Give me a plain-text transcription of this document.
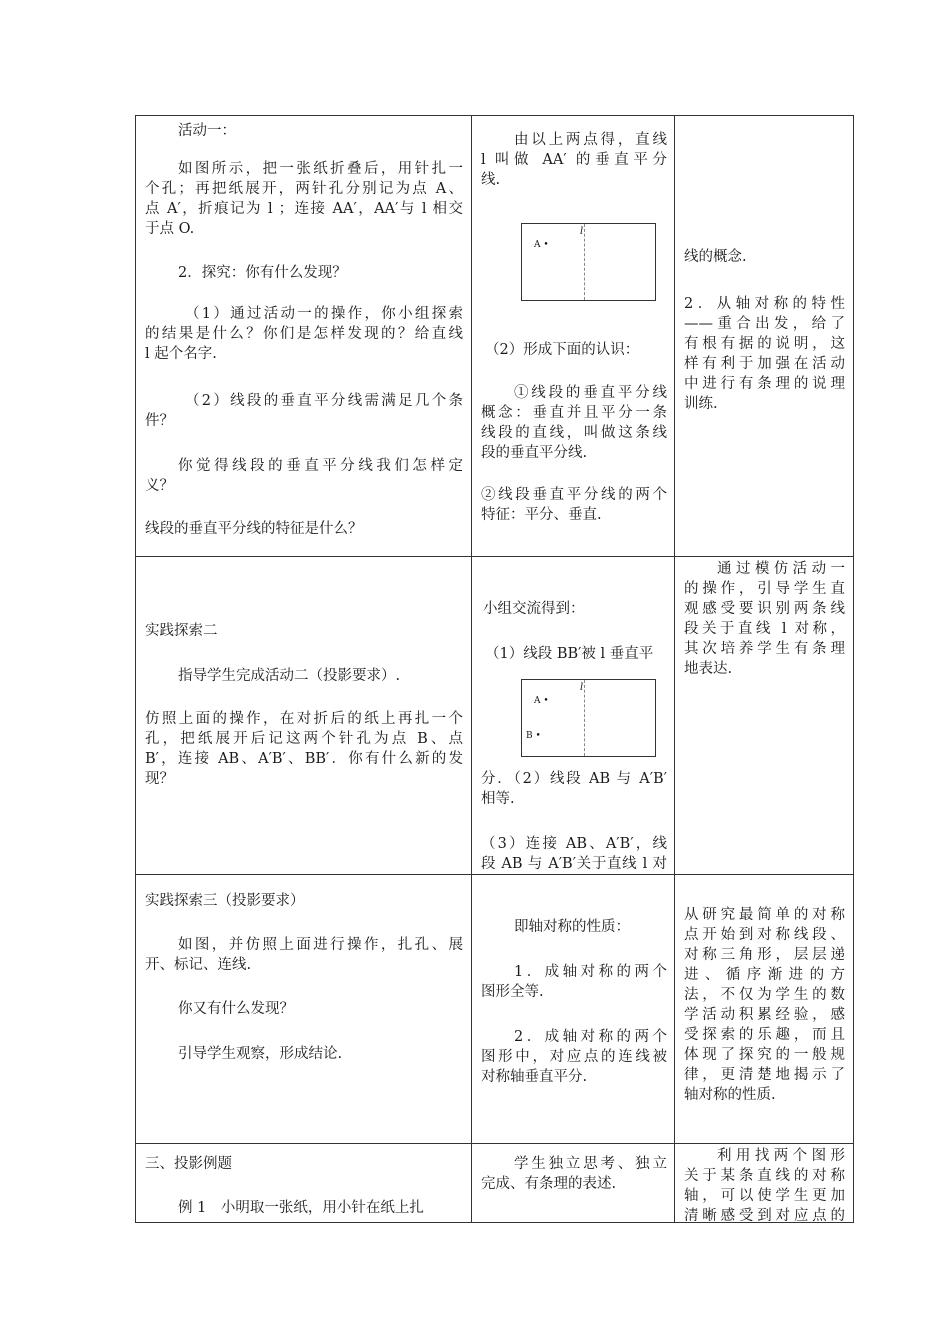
活动一：

如图所示，把一张纸折叠后，用针扎一

个孔；再把纸展开，两针孔分别记为点 A、

点 A′，折痕记为 l ；连接 AA′，AA′与 l 相交

于点 O.

2．探究：你有什么发现？

（1）通过活动一的操作，你小组探索

的结果是什么？你们是怎样发现的？给直线

l 起个名字.

（2）线段的垂直平分线需满足几个条

件？

你觉得线段的垂直平分线我们怎样定

义？

线段的垂直平分线的特征是什么？

由以上两点得，直线

l 叫做 AA′ 的垂直平分

线.

l
A •

（2）形成下面的认识：

①线段的垂直平分线

概念：垂直并且平分一条

线段的直线，叫做这条线

段的垂直平分线.

②线段垂直平分线的两个

特征：平分、垂直.

线的概念.

2．从轴对称的特性

——重合出发，给了

有根有据的说明，这

样有利于加强在活动

中进行有条理的说理

训练.

实践探索二

指导学生完成活动二（投影要求）.

仿照上面的操作，在对折后的纸上再扎一个

孔，把纸展开后记这两个针孔为点 B、点

B′，连接 AB、A′B′、BB′．你有什么新的发

现？

小组交流得到：

（1）线段 BB′被 l 垂直平

l
A •
B •

分．（2）线段 AB 与 A′B′

相等.

（3）连接 AB、A′B′，线

段 AB 与 A′B′关于直线 l 对

通过模仿活动一

的操作，引导学生直

观感受要识别两条线

段关于直线 l 对称，

其次培养学生有条理

地表达.

实践探索三（投影要求）

如图，并仿照上面进行操作，扎孔、展

开、标记、连线.

你又有什么发现？

引导学生观察，形成结论.

即轴对称的性质：

1．成轴对称的两个

图形全等.

2．成轴对称的两个

图形中，对应点的连线被

对称轴垂直平分.

从研究最简单的对称

点开始到对称线段、

对称三角形，层层递

进、循序渐进的方

法，不仅为学生的数

学活动积累经验，感

受探索的乐趣，而且

体现了探究的一般规

律，更清楚地揭示了

轴对称的性质.

三、投影例题

例 1　小明取一张纸，用小针在纸上扎

学生独立思考、独立

完成、有条理的表述.

利用找两个图形

关于某条直线的对称

轴，可以使学生更加

清晰感受到对应点的
